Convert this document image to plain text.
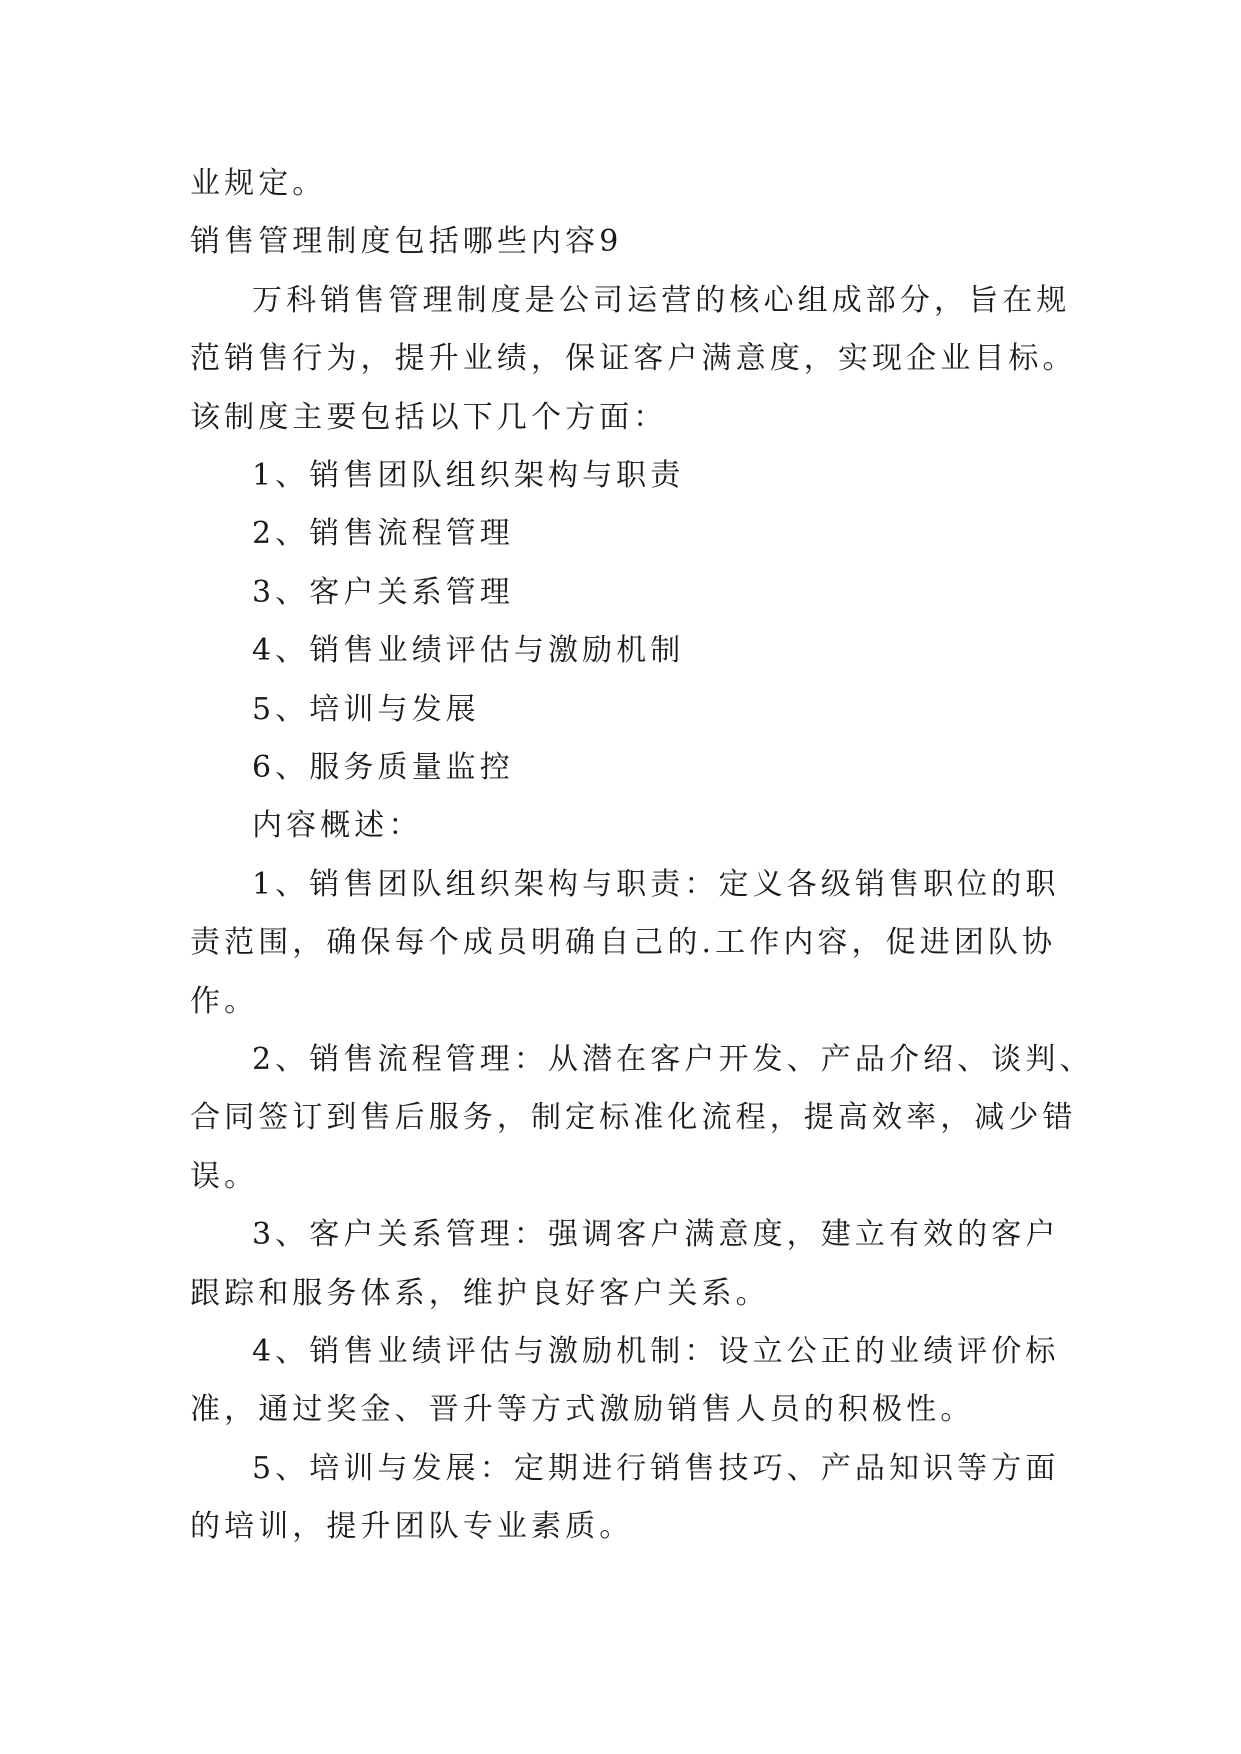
业规定。

销售管理制度包括哪些内容9

万科销售管理制度是公司运营的核心组成部分，旨在规

范销售行为，提升业绩，保证客户满意度，实现企业目标。

该制度主要包括以下几个方面：

1、销售团队组织架构与职责

2、销售流程管理

3、客户关系管理

4、销售业绩评估与激励机制

5、培训与发展

6、服务质量监控

内容概述：

1、销售团队组织架构与职责：定义各级销售职位的职

责范围，确保每个成员明确自己的.工作内容，促进团队协

作。

2、销售流程管理：从潜在客户开发、产品介绍、谈判、

合同签订到售后服务，制定标准化流程，提高效率，减少错

误。

3、客户关系管理：强调客户满意度，建立有效的客户

跟踪和服务体系，维护良好客户关系。

4、销售业绩评估与激励机制：设立公正的业绩评价标

准，通过奖金、晋升等方式激励销售人员的积极性。

5、培训与发展：定期进行销售技巧、产品知识等方面

的培训，提升团队专业素质。
